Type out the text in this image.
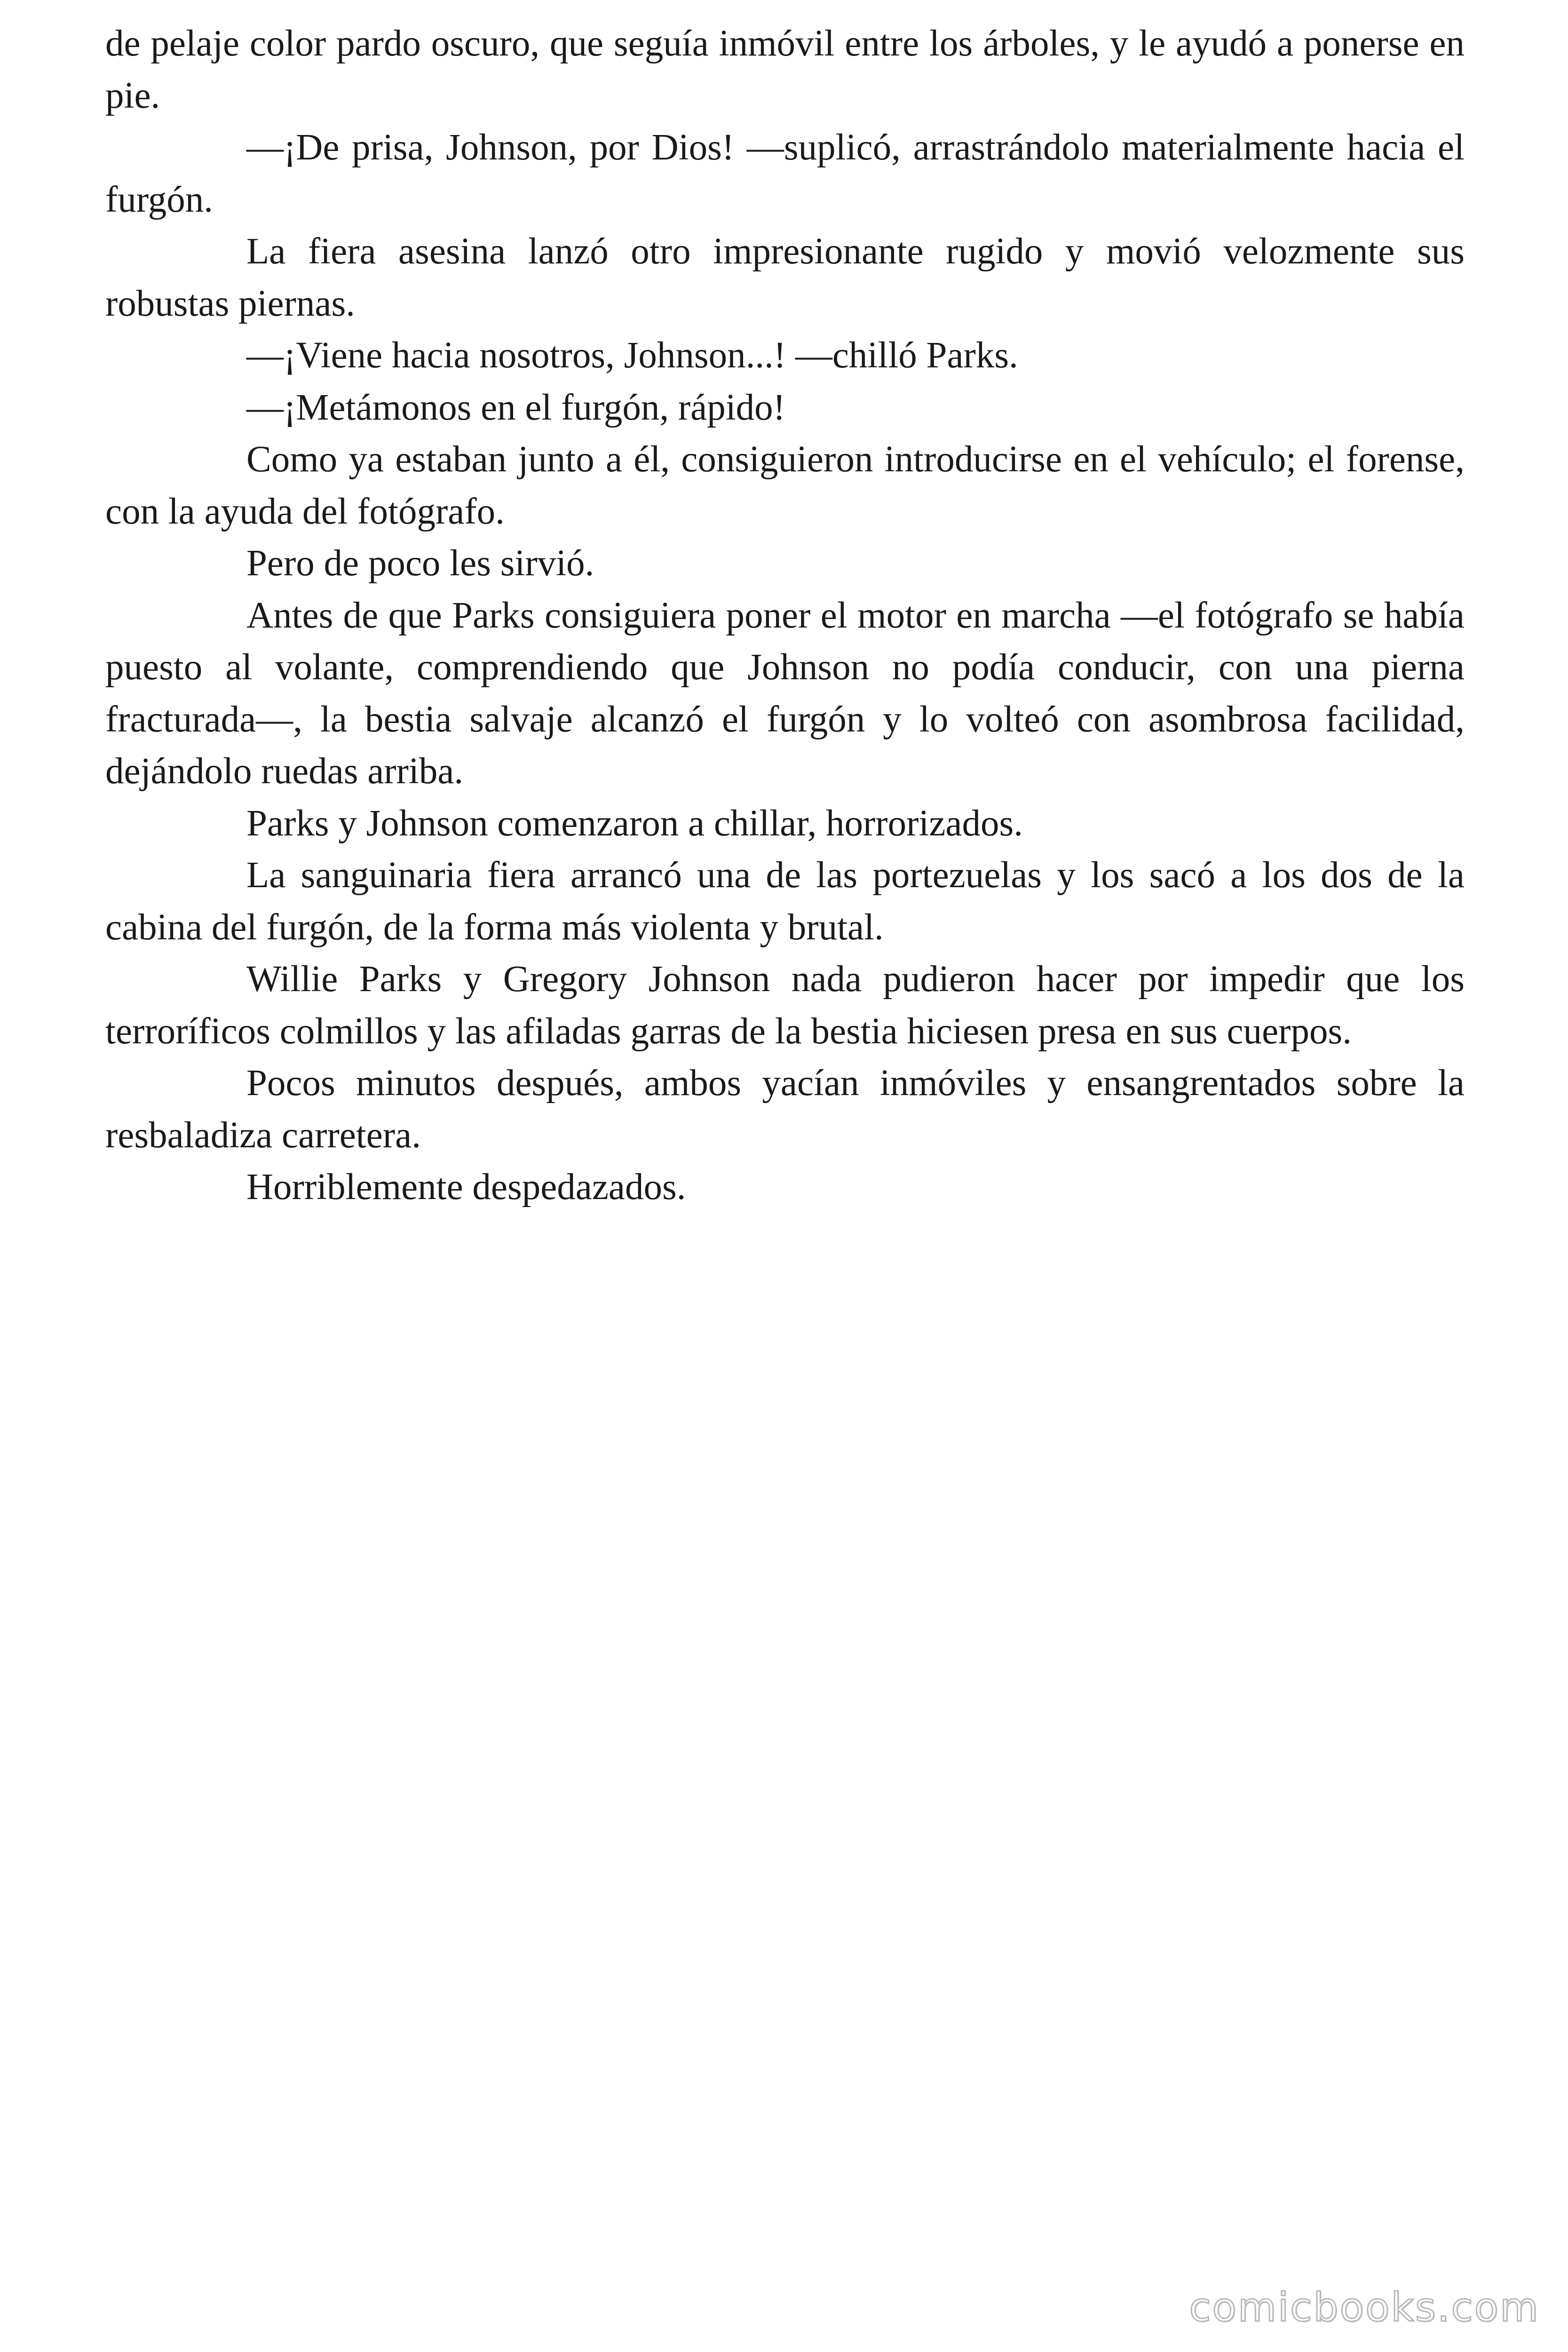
de pelaje color pardo oscuro, que seguía inmóvil entre los árboles, y le ayudó a ponerse en pie.

—¡De prisa, Johnson, por Dios! —suplicó, arrastrándolo materialmente hacia el furgón.

La fiera asesina lanzó otro impresionante rugido y movió velozmente sus robustas piernas.

—¡Viene hacia nosotros, Johnson...! —chilló Parks.

—¡Metámonos en el furgón, rápido!

Como ya estaban junto a él, consiguieron introducirse en el vehículo; el forense, con la ayuda del fotógrafo.

Pero de poco les sirvió.

Antes de que Parks consiguiera poner el motor en marcha —el fotógrafo se había puesto al volante, comprendiendo que Johnson no podía conducir, con una pierna fracturada—, la bestia salvaje alcanzó el furgón y lo volteó con asombrosa facilidad, dejándolo ruedas arriba.

Parks y Johnson comenzaron a chillar, horrorizados.

La sanguinaria fiera arrancó una de las portezuelas y los sacó a los dos de la cabina del furgón, de la forma más violenta y brutal.

Willie Parks y Gregory Johnson nada pudieron hacer por impedir que los terroríficos colmillos y las afiladas garras de la bestia hiciesen presa en sus cuerpos.

Pocos minutos después, ambos yacían inmóviles y ensangrentados sobre la resbaladiza carretera.

Horriblemente despedazados.

comicbooks.com
